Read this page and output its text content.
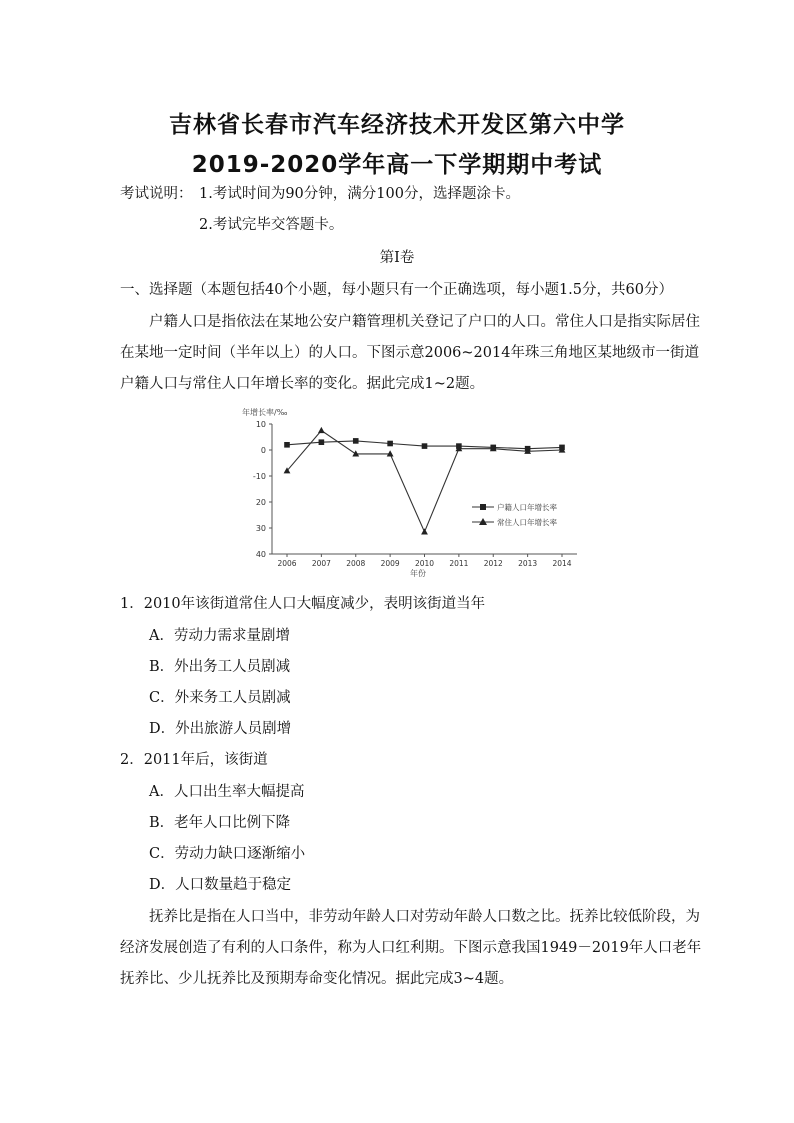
吉林省长春市汽车经济技术开发区第六中学
2019-2020学年高一下学期期中考试
考试说明： 1.考试时间为90分钟，满分100分，选择题涂卡。
2.考试完毕交答题卡。
第Ⅰ卷
一、选择题（本题包括40个小题，每小题只有一个正确选项，每小题1.5分，共60分）
户籍人口是指依法在某地公安户籍管理机关登记了户口的人口。常住人口是指实际居住
在某地一定时间（半年以上）的人口。下图示意2006~2014年珠三角地区某地级市一街道
户籍人口与常住人口年增长率的变化。据此完成1~2题。
年增长率/‰
10
0
-10
20
30
40
2006 2007 2008 2009 2010 2011 2012 2013 2014
户籍人口年增长率
常住人口年增长率
年份
1．2010年该街道常住人口大幅度减少，表明该街道当年
A．劳动力需求量剧增
B．外出务工人员剧减
C．外来务工人员剧减
D．外出旅游人员剧增
2．2011年后，该街道
A．人口出生率大幅提高
B．老年人口比例下降
C．劳动力缺口逐渐缩小
D．人口数量趋于稳定
抚养比是指在人口当中，非劳动年龄人口对劳动年龄人口数之比。抚养比较低阶段，为
经济发展创造了有利的人口条件，称为人口红利期。下图示意我国1949－2019年人口老年
抚养比、少儿抚养比及预期寿命变化情况。据此完成3~4题。
